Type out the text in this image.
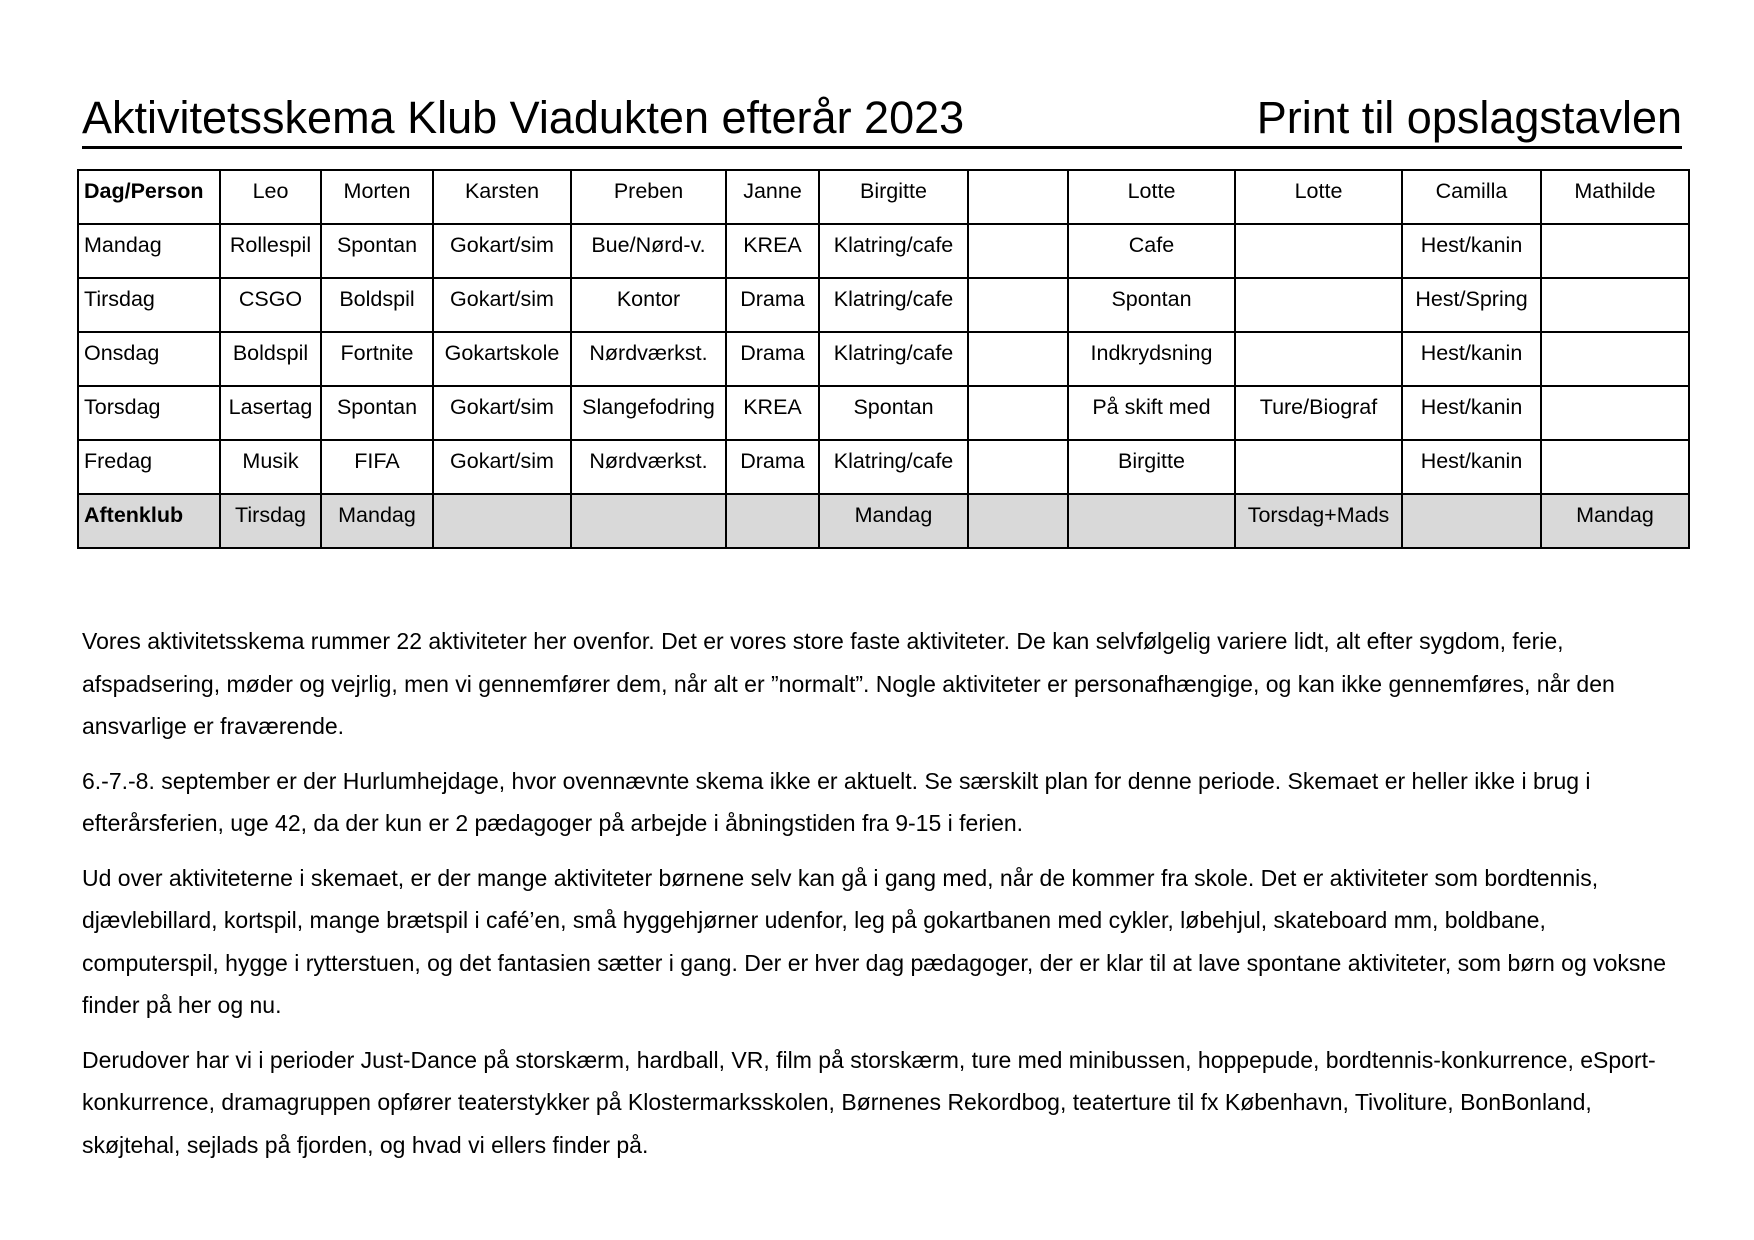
Aktivitetsskema Klub Viadukten efterår 2023	Print til opslagstavlen
Dag/Person	Leo	Morten	Karsten	Preben	Janne	Birgitte		Lotte	Lotte	Camilla	Mathilde
Mandag	Rollespil	Spontan	Gokart/sim	Bue/Nørd-v.	KREA	Klatring/cafe		Cafe		Hest/kanin	
Tirsdag	CSGO	Boldspil	Gokart/sim	Kontor	Drama	Klatring/cafe		Spontan		Hest/Spring	
Onsdag	Boldspil	Fortnite	Gokartskole	Nørdværkst.	Drama	Klatring/cafe		Indkrydsning		Hest/kanin	
Torsdag	Lasertag	Spontan	Gokart/sim	Slangefodring	KREA	Spontan		På skift med	Ture/Biograf	Hest/kanin	
Fredag	Musik	FIFA	Gokart/sim	Nørdværkst.	Drama	Klatring/cafe		Birgitte		Hest/kanin	
Aftenklub	Tirsdag	Mandag				Mandag			Torsdag+Mads		Mandag

Vores aktivitetsskema rummer 22 aktiviteter her ovenfor. Det er vores store faste aktiviteter. De kan selvfølgelig variere lidt, alt efter sygdom, ferie, afspadsering, møder og vejrlig, men vi gennemfører dem, når alt er ”normalt”. Nogle aktiviteter er personafhængige, og kan ikke gennemføres, når den ansvarlige er fraværende.

6.-7.-8. september er der Hurlumhejdage, hvor ovennævnte skema ikke er aktuelt. Se særskilt plan for denne periode. Skemaet er heller ikke i brug i efterårsferien, uge 42, da der kun er 2 pædagoger på arbejde i åbningstiden fra 9-15 i ferien.

Ud over aktiviteterne i skemaet, er der mange aktiviteter børnene selv kan gå i gang med, når de kommer fra skole. Det er aktiviteter som bordtennis, djævlebillard, kortspil, mange brætspil i café’en, små hyggehjørner udenfor, leg på gokartbanen med cykler, løbehjul, skateboard mm, boldbane, computerspil, hygge i rytterstuen, og det fantasien sætter i gang. Der er hver dag pædagoger, der er klar til at lave spontane aktiviteter, som børn og voksne finder på her og nu.

Derudover har vi i perioder Just-Dance på storskærm, hardball, VR, film på storskærm, ture med minibussen, hoppepude, bordtennis-konkurrence, eSport-konkurrence, dramagruppen opfører teaterstykker på Klostermarksskolen, Børnenes Rekordbog, teaterture til fx København, Tivoliture, BonBonland, skøjtehal, sejlads på fjorden, og hvad vi ellers finder på.
